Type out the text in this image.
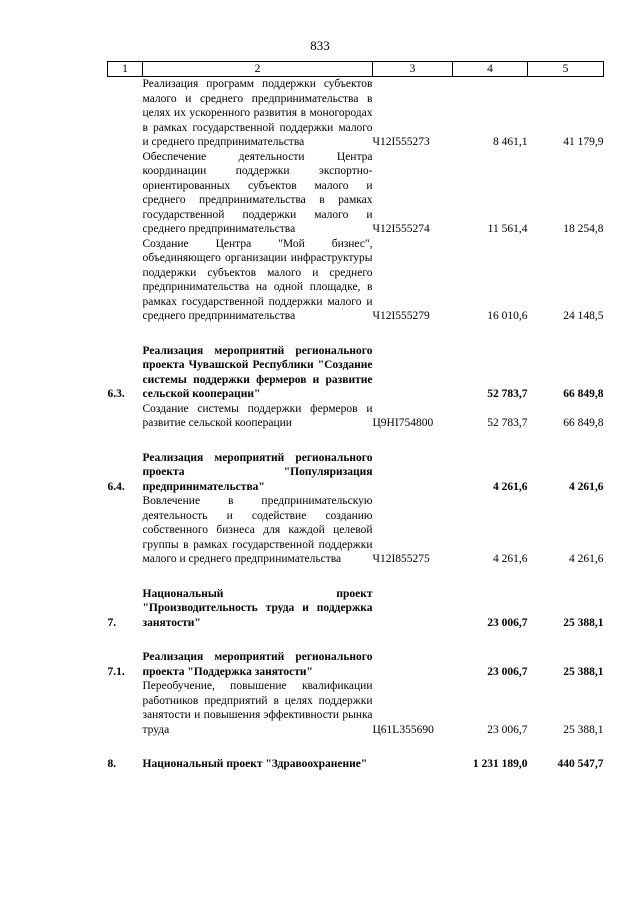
833
1	2	3	4	5
	Реализация программ поддержки субъектов малого и среднего предпринимательства в целях их ускоренного развития в моногородах в рамках государственной поддержки малого и среднего предпринимательства	Ч12I555273	8 461,1	41 179,9
	Обеспечение деятельности Центра координации поддержки экспортно-ориентированных субъектов малого и среднего предпринимательства в рамках государственной поддержки малого и среднего предпринимательства	Ч12I555274	11 561,4	18 254,8
	Создание Центра "Мой бизнес", объединяющего организации инфраструктуры поддержки субъектов малого и среднего предпринимательства на одной площадке, в рамках государственной поддержки малого и среднего предпринимательства	Ч12I555279	16 010,6	24 148,5

6.3.	Реализация мероприятий регионального проекта Чувашской Республики "Создание системы поддержки фермеров и развитие сельской кооперации"		52 783,7	66 849,8
	Создание системы поддержки фермеров и развитие сельской кооперации	Ц9НI754800	52 783,7	66 849,8

6.4.	Реализация мероприятий регионального проекта "Популяризация предпринимательства"		4 261,6	4 261,6
	Вовлечение в предпринимательскую деятельность и содействие созданию собственного бизнеса для каждой целевой группы в рамках государственной поддержки малого и среднего предпринимательства	Ч12I855275	4 261,6	4 261,6

7.	Национальный проект "Производительность труда и поддержка занятости"		23 006,7	25 388,1

7.1.	Реализация мероприятий регионального проекта "Поддержка занятости"		23 006,7	25 388,1
	Переобучение, повышение квалификации работников предприятий в целях поддержки занятости и повышения эффективности рынка труда	Ц61L355690	23 006,7	25 388,1

8.	Национальный проект "Здравоохранение"		1 231 189,0	440 547,7
